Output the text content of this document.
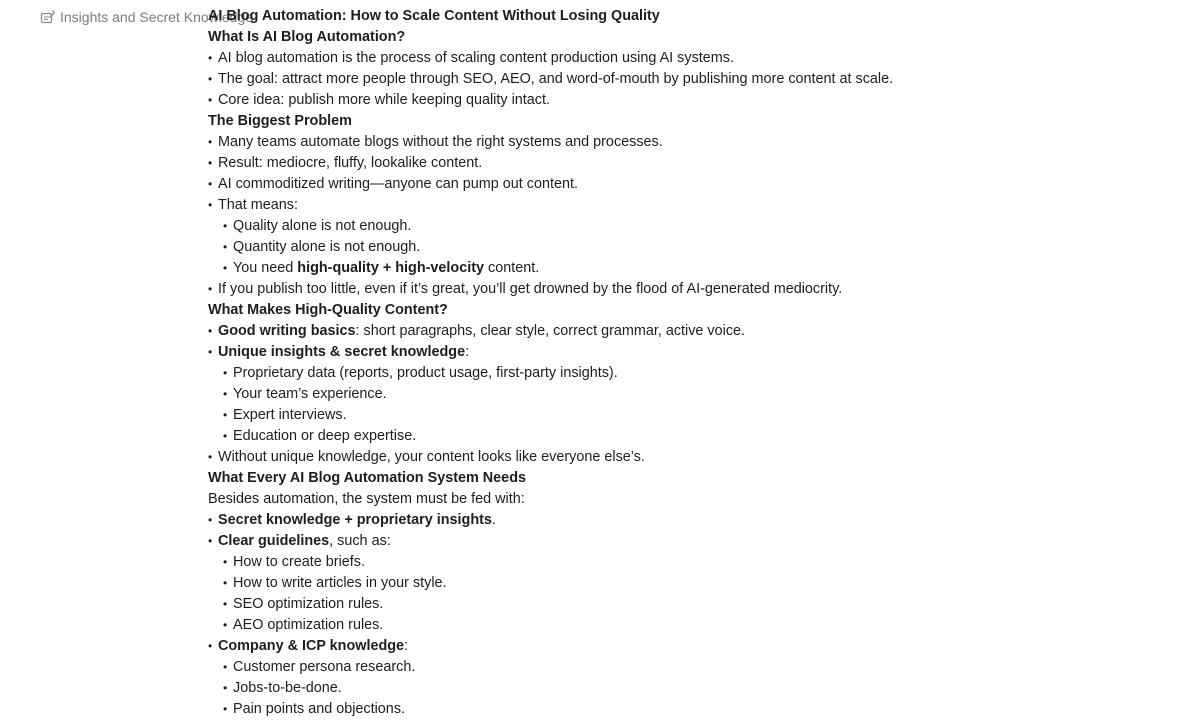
Insights and Secret Knowledge
AI Blog Automation: How to Scale Content Without Losing Quality
What Is AI Blog Automation?
• AI blog automation is the process of scaling content production using AI systems.
• The goal: attract more people through SEO, AEO, and word-of-mouth by publishing more content at scale.
• Core idea: publish more while keeping quality intact.
The Biggest Problem
• Many teams automate blogs without the right systems and processes.
• Result: mediocre, fluffy, lookalike content.
• AI commoditized writing—anyone can pump out content.
• That means:
• Quality alone is not enough.
• Quantity alone is not enough.
• You need high-quality + high-velocity content.
• If you publish too little, even if it’s great, you’ll get drowned by the flood of AI-generated mediocrity.
What Makes High-Quality Content?
• Good writing basics: short paragraphs, clear style, correct grammar, active voice.
• Unique insights & secret knowledge:
• Proprietary data (reports, product usage, first-party insights).
• Your team’s experience.
• Expert interviews.
• Education or deep expertise.
• Without unique knowledge, your content looks like everyone else’s.
What Every AI Blog Automation System Needs
Besides automation, the system must be fed with:
• Secret knowledge + proprietary insights.
• Clear guidelines, such as:
• How to create briefs.
• How to write articles in your style.
• SEO optimization rules.
• AEO optimization rules.
• Company & ICP knowledge:
• Customer persona research.
• Jobs-to-be-done.
• Pain points and objections.
